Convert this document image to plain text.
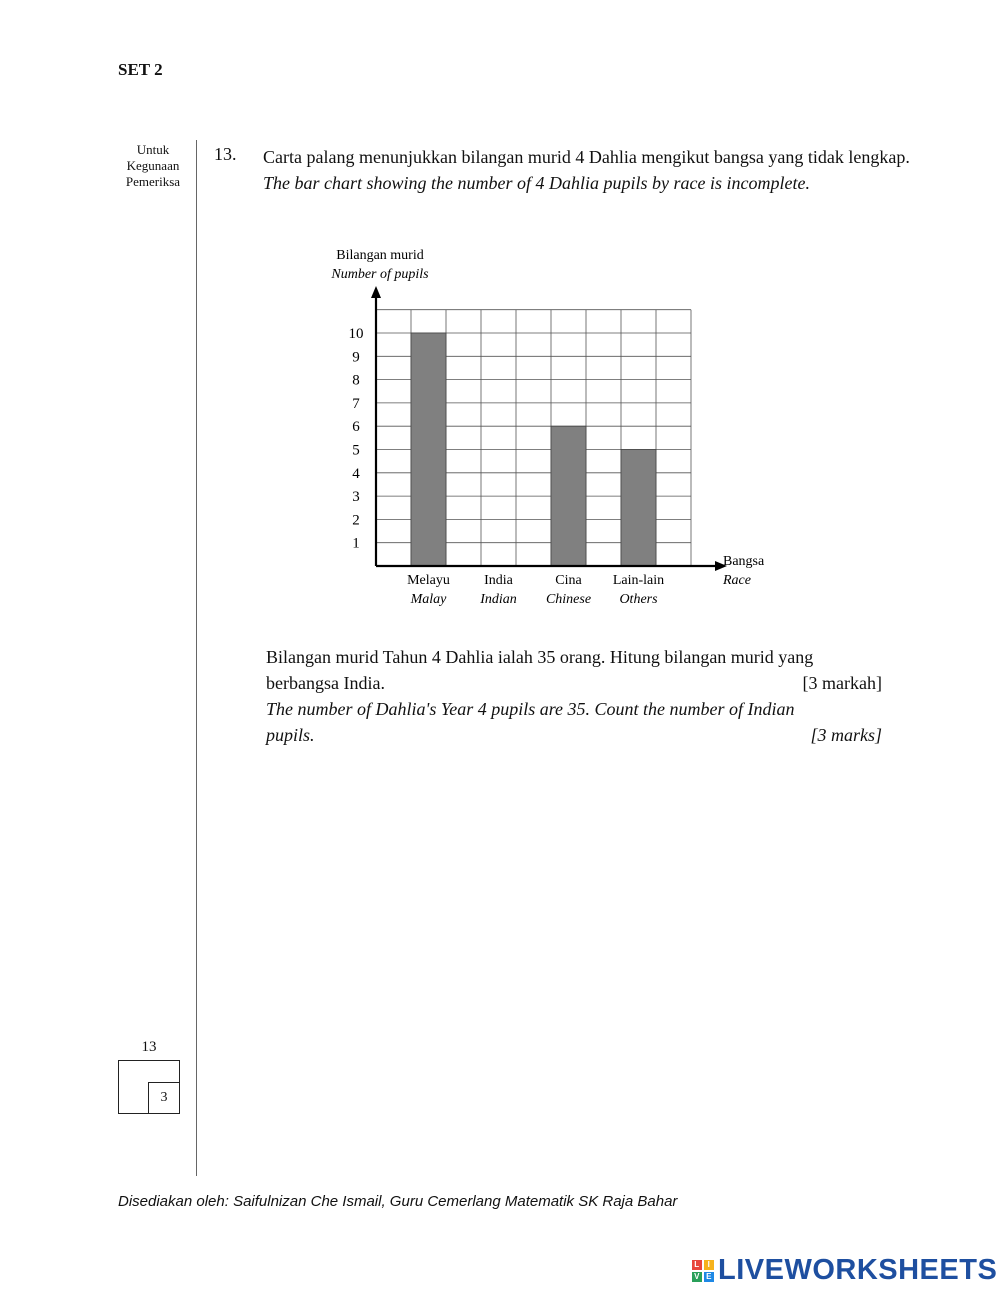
SET 2
Untuk
Kegunaan
Pemeriksa
13. Carta palang menunjukkan bilangan murid 4 Dahlia mengikut bangsa yang tidak lengkap.
The bar chart showing the number of 4 Dahlia pupils by race is incomplete.
Melayu
Malay
India
Indian
Cina
Chinese
Lain-lain
Others
1
2
3
4
5
6
7
8
9
10
Bilangan murid
Number of pupils
Bangsa
Race
Bilangan murid Tahun 4 Dahlia ialah 35 orang. Hitung bilangan murid yang
berbangsa India.	[3 markah]
The number of Dahlia's Year 4 pupils are 35. Count the number of Indian
pupils.	[3 marks]
13
3
Disediakan oleh: Saifulnizan Che Ismail, Guru Cemerlang Matematik SK Raja Bahar
L I
V E LIVEWORKSHEETS
